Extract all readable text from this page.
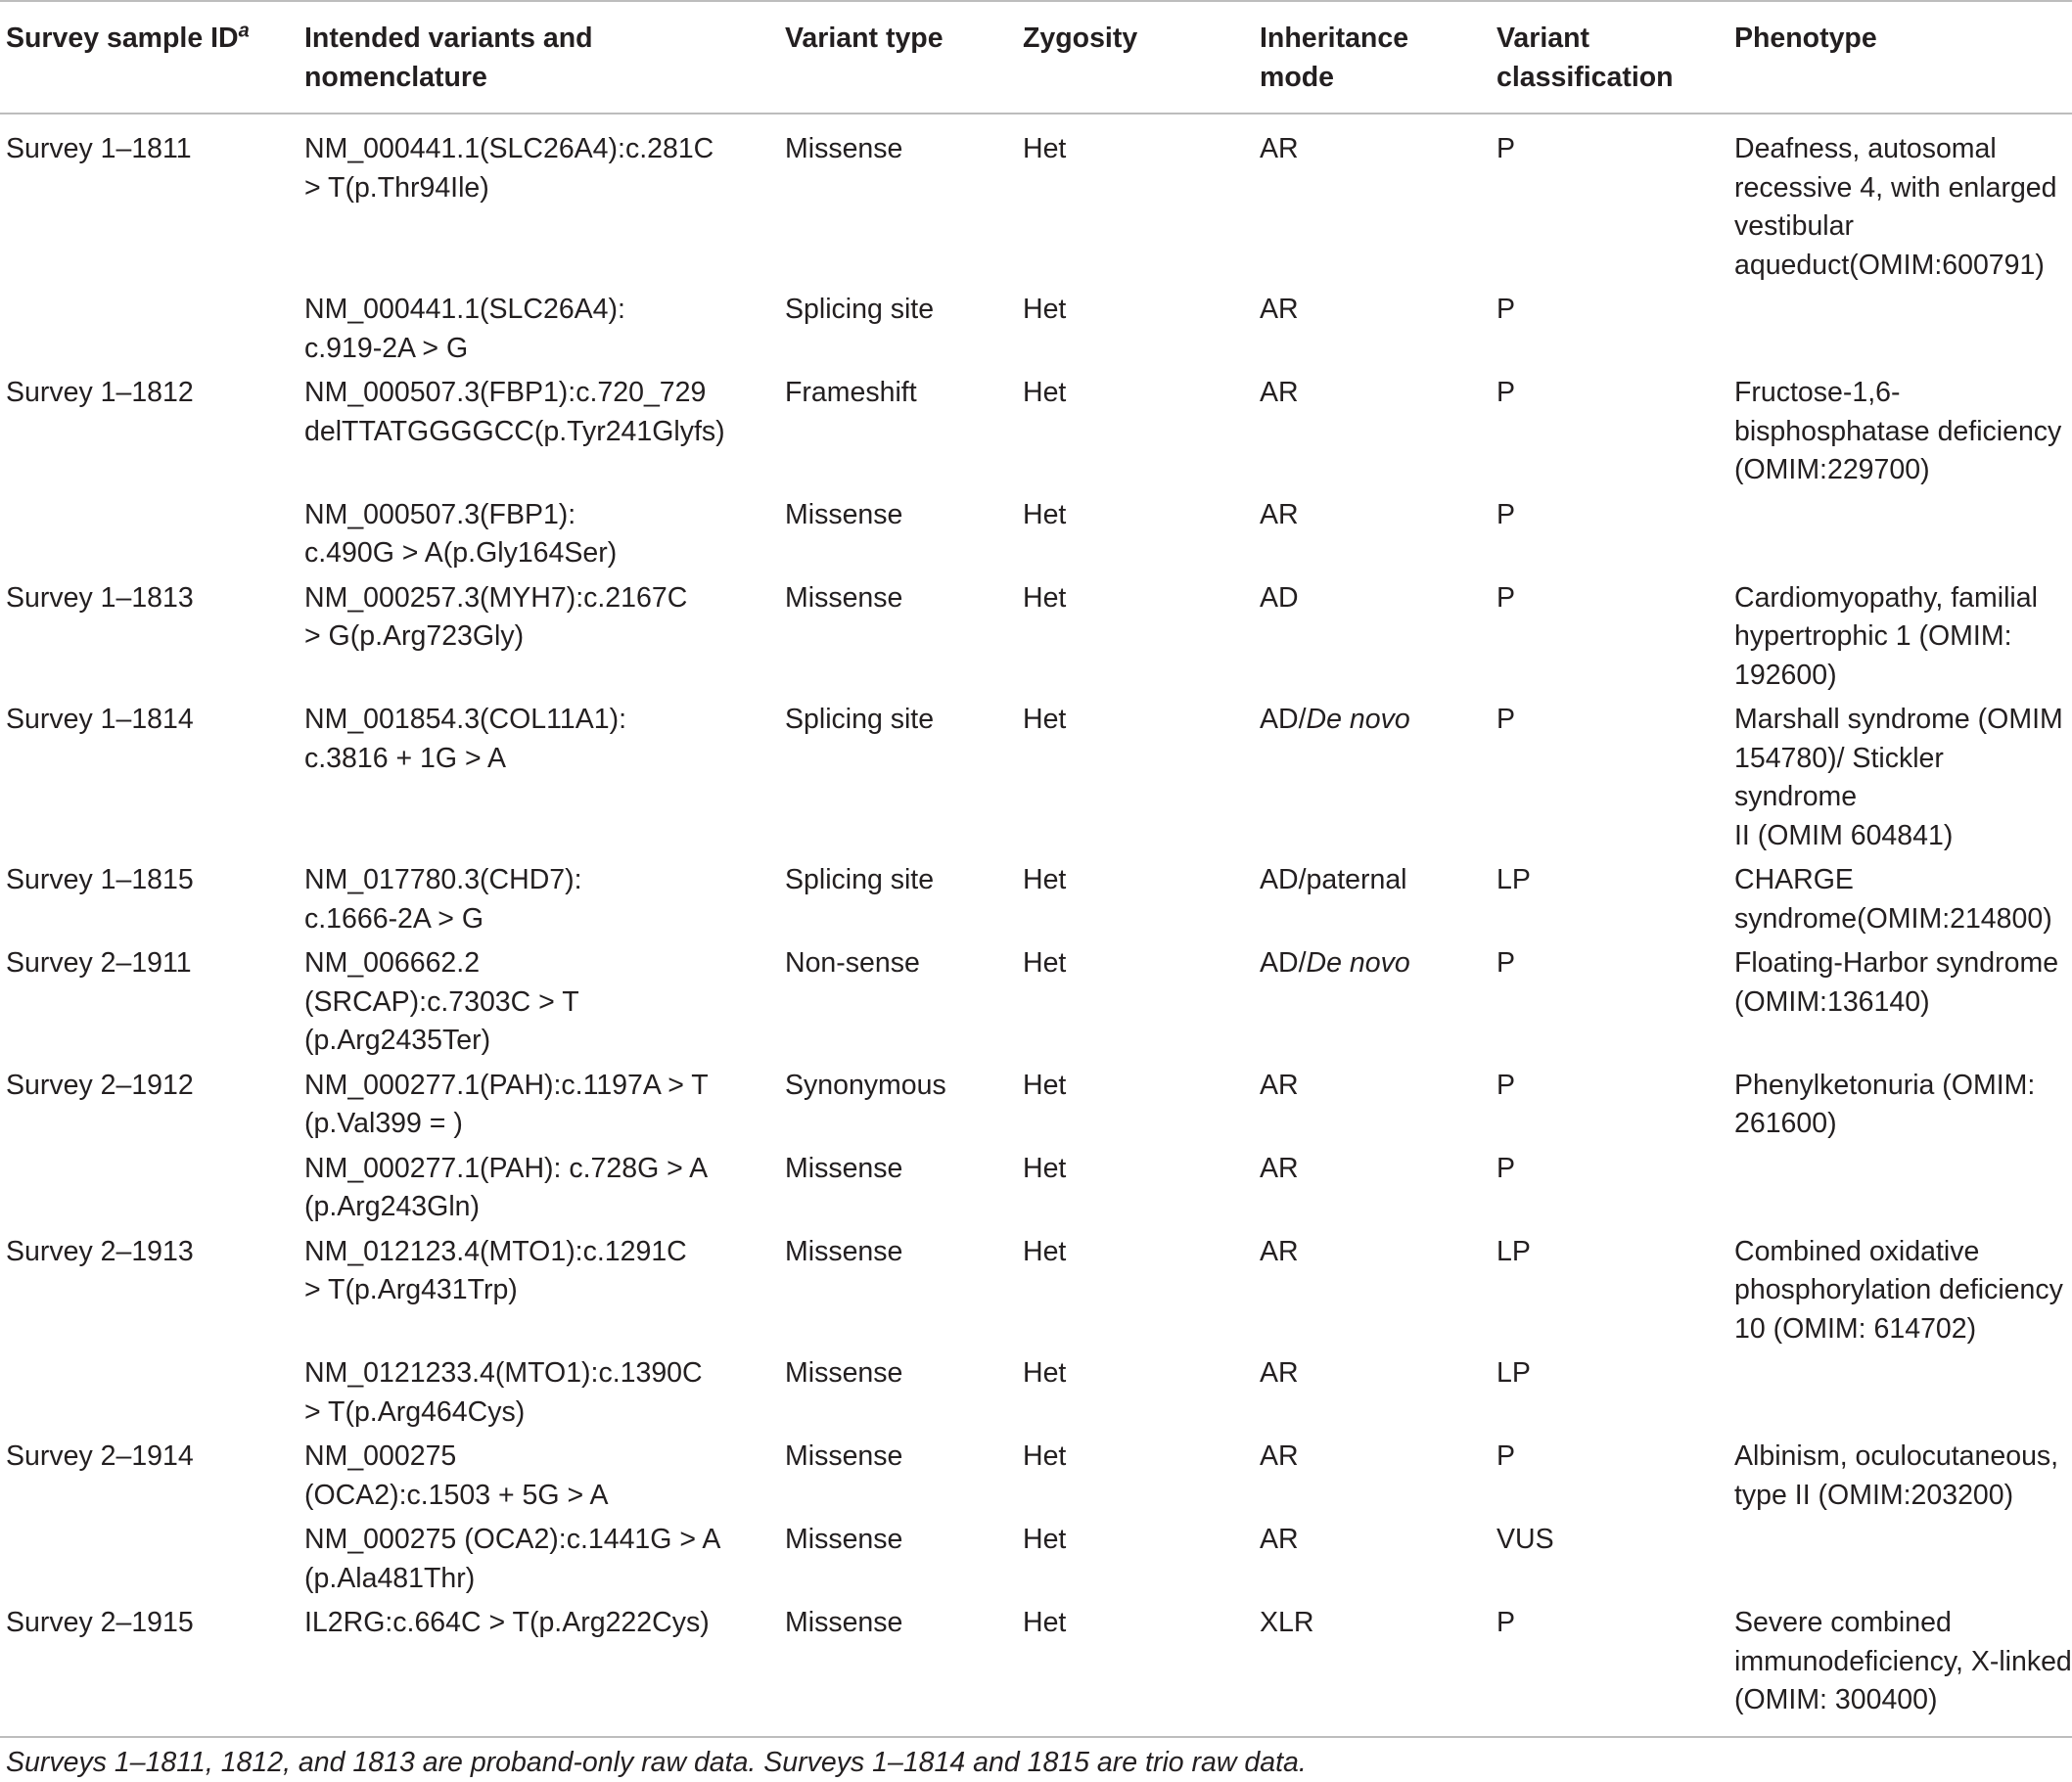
Survey sample $ID^a$	Intended variants and
nomenclature	Variant type	Zygosity	Inheritance
mode	Variant
classification	Phenotype
Survey 1–1811	NM_000441.1(SLC26A4):c.281C
> T(p.Thr94Ile)	Missense	Het	AR	P	Deafness, autosomal
recessive 4, with enlarged
vestibular
aqueduct(OMIM:600791)
	NM_000441.1(SLC26A4):
c.919-2A > G	Splicing site	Het	AR	P	
Survey 1–1812	NM_000507.3(FBP1):c.720_729
delTTATGGGGCC(p.Tyr241Glyfs)	Frameshift	Het	AR	P	Fructose-1,6-
bisphosphatase deficiency
(OMIM:229700)
	NM_000507.3(FBP1):
c.490G > A(p.Gly164Ser)	Missense	Het	AR	P	
Survey 1–1813	NM_000257.3(MYH7):c.2167C
> G(p.Arg723Gly)	Missense	Het	AD	P	Cardiomyopathy, familial
hypertrophic 1 (OMIM:
192600)
Survey 1–1814	NM_001854.3(COL11A1):
c.3816 + 1G > A	Splicing site	Het	AD/De novo	P	Marshall syndrome (OMIM
154780)/ Stickler syndrome
II (OMIM 604841)
Survey 1–1815	NM_017780.3(CHD7):
c.1666-2A > G	Splicing site	Het	AD/paternal	LP	CHARGE
syndrome(OMIM:214800)
Survey 2–1911	NM_006662.2
(SRCAP):c.7303C > T
(p.Arg2435Ter)	Non-sense	Het	AD/De novo	P	Floating-Harbor syndrome
(OMIM:136140)
Survey 2–1912	NM_000277.1(PAH):c.1197A > T
(p.Val399 = )	Synonymous	Het	AR	P	Phenylketonuria (OMIM:
261600)
	NM_000277.1(PAH): c.728G > A
(p.Arg243Gln)	Missense	Het	AR	P	
Survey 2–1913	NM_012123.4(MTO1):c.1291C
> T(p.Arg431Trp)	Missense	Het	AR	LP	Combined oxidative
phosphorylation deficiency
10 (OMIM: 614702)
	NM_0121233.4(MTO1):c.1390C
> T(p.Arg464Cys)	Missense	Het	AR	LP	
Survey 2–1914	NM_000275
(OCA2):c.1503 + 5G > A	Missense	Het	AR	P	Albinism, oculocutaneous,
type II (OMIM:203200)
	NM_000275 (OCA2):c.1441G > A
(p.Ala481Thr)	Missense	Het	AR	VUS	
Survey 2–1915	IL2RG:c.664C > T(p.Arg222Cys)	Missense	Het	XLR	P	Severe combined
immunodeficiency, X-linked
(OMIM: 300400)
Surveys 1–1811, 1812, and 1813 are proband-only raw data. Surveys 1–1814 and 1815 are trio raw data.
